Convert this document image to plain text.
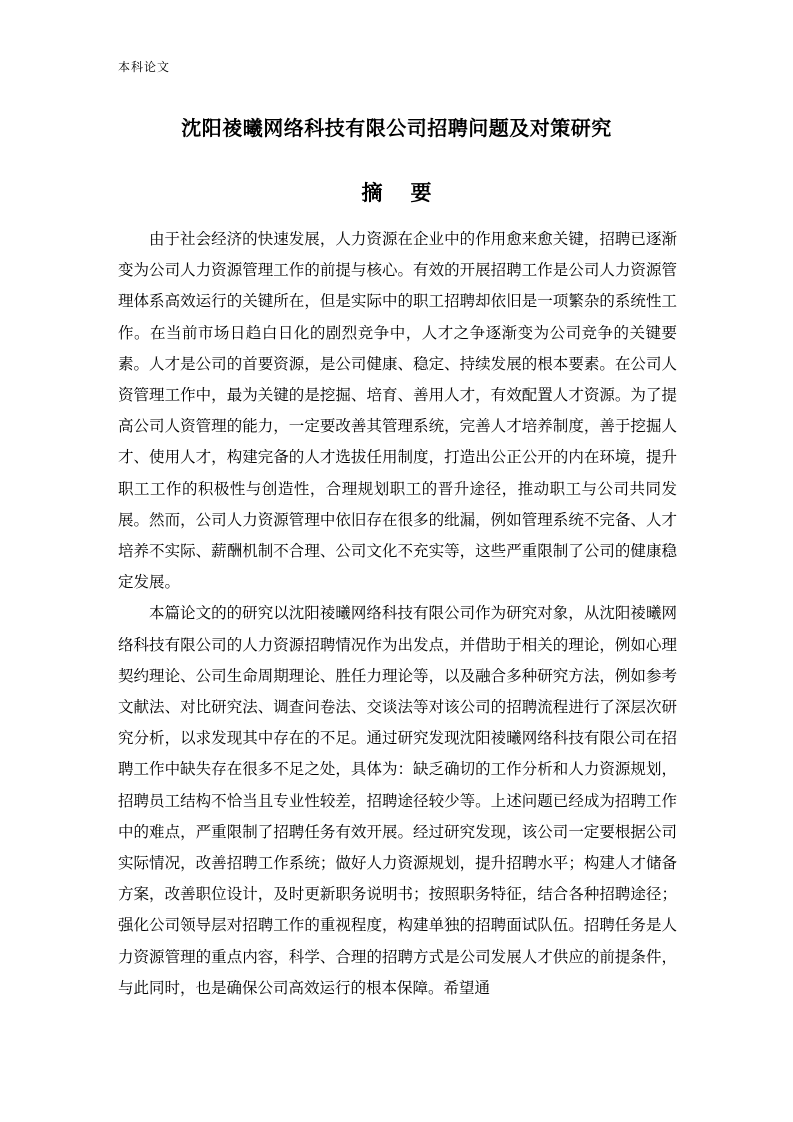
本科论文
沈阳祾曦网络科技有限公司招聘问题及对策研究
摘要

由于社会经济的快速发展，人力资源在企业中的作用愈来愈关键，招聘已逐渐变为公司人力资源管理工作的前提与核心。有效的开展招聘工作是公司人力资源管理体系高效运行的关键所在，但是实际中的职工招聘却依旧是一项繁杂的系统性工作。在当前市场日趋白日化的剧烈竞争中，人才之争逐渐变为公司竞争的关键要素。人才是公司的首要资源，是公司健康、稳定、持续发展的根本要素。在公司人资管理工作中，最为关键的是挖掘、培育、善用人才，有效配置人才资源。为了提高公司人资管理的能力，一定要改善其管理系统，完善人才培养制度，善于挖掘人才、使用人才，构建完备的人才选拔任用制度，打造出公正公开的内在环境，提升职工工作的积极性与创造性，合理规划职工的晋升途径，推动职工与公司共同发展。然而，公司人力资源管理中依旧存在很多的纰漏，例如管理系统不完备、人才培养不实际、薪酬机制不合理、公司文化不充实等，这些严重限制了公司的健康稳定发展。

本篇论文的的研究以沈阳祾曦网络科技有限公司作为研究对象，从沈阳祾曦网络科技有限公司的人力资源招聘情况作为出发点，并借助于相关的理论，例如心理契约理论、公司生命周期理论、胜任力理论等，以及融合多种研究方法，例如参考文献法、对比研究法、调查问卷法、交谈法等对该公司的招聘流程进行了深层次研究分析，以求发现其中存在的不足。通过研究发现沈阳祾曦网络科技有限公司在招聘工作中缺失存在很多不足之处，具体为：缺乏确切的工作分析和人力资源规划，招聘员工结构不恰当且专业性较差，招聘途径较少等。上述问题已经成为招聘工作中的难点，严重限制了招聘任务有效开展。经过研究发现，该公司一定要根据公司实际情况，改善招聘工作系统；做好人力资源规划，提升招聘水平；构建人才储备方案，改善职位设计，及时更新职务说明书；按照职务特征，结合各种招聘途径；强化公司领导层对招聘工作的重视程度，构建单独的招聘面试队伍。招聘任务是人力资源管理的重点内容，科学、合理的招聘方式是公司发展人才供应的前提条件，与此同时，也是确保公司高效运行的根本保障。希望通
